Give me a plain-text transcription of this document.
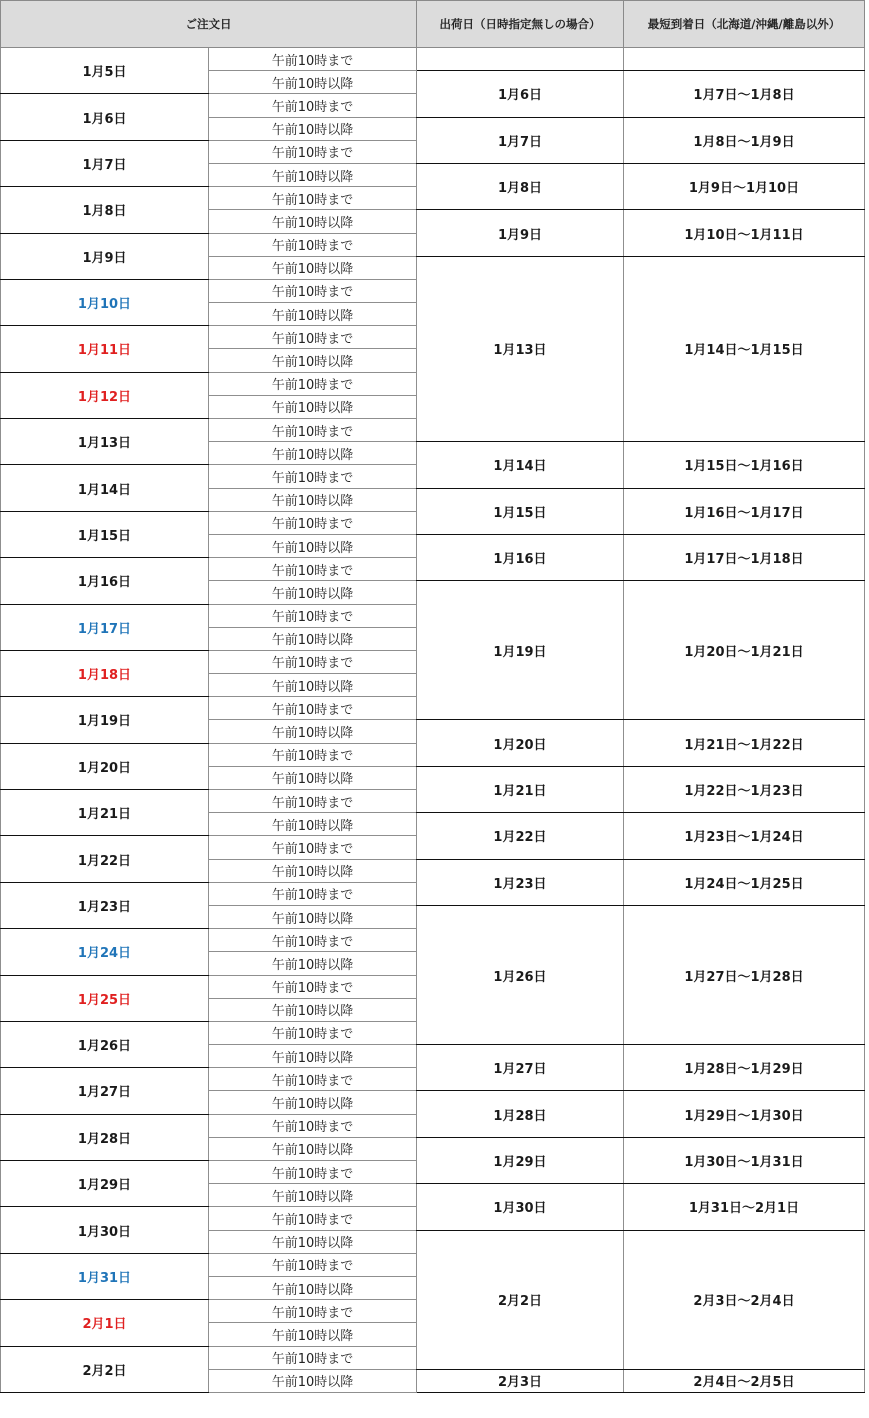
ご注文日		出荷日（日時指定無しの場合）	最短到着日（北海道/沖縄/離島以外）
1月5日	午前10時まで		
	午前10時以降	1月6日	1月7日～1月8日
1月6日	午前10時まで		
	午前10時以降	1月7日	1月8日～1月9日
1月7日	午前10時まで		
	午前10時以降	1月8日	1月9日～1月10日
1月8日	午前10時まで		
	午前10時以降	1月9日	1月10日～1月11日
1月9日	午前10時まで		
	午前10時以降	1月13日	1月14日～1月15日
1月10日	午前10時まで		
	午前10時以降		
1月11日	午前10時まで		
	午前10時以降		
1月12日	午前10時まで		
	午前10時以降		
1月13日	午前10時まで		
	午前10時以降	1月14日	1月15日～1月16日
1月14日	午前10時まで		
	午前10時以降	1月15日	1月16日～1月17日
1月15日	午前10時まで		
	午前10時以降	1月16日	1月17日～1月18日
1月16日	午前10時まで		
	午前10時以降	1月19日	1月20日～1月21日
1月17日	午前10時まで		
	午前10時以降		
1月18日	午前10時まで		
	午前10時以降		
1月19日	午前10時まで		
	午前10時以降	1月20日	1月21日～1月22日
1月20日	午前10時まで		
	午前10時以降	1月21日	1月22日～1月23日
1月21日	午前10時まで		
	午前10時以降	1月22日	1月23日～1月24日
1月22日	午前10時まで		
	午前10時以降	1月23日	1月24日～1月25日
1月23日	午前10時まで		
	午前10時以降	1月26日	1月27日～1月28日
1月24日	午前10時まで		
	午前10時以降		
1月25日	午前10時まで		
	午前10時以降		
1月26日	午前10時まで		
	午前10時以降	1月27日	1月28日～1月29日
1月27日	午前10時まで		
	午前10時以降	1月28日	1月29日～1月30日
1月28日	午前10時まで		
	午前10時以降	1月29日	1月30日～1月31日
1月29日	午前10時まで		
	午前10時以降	1月30日	1月31日～2月1日
1月30日	午前10時まで		
	午前10時以降	2月2日	2月3日～2月4日
1月31日	午前10時まで		
	午前10時以降		
2月1日	午前10時まで		
	午前10時以降		
2月2日	午前10時まで		
	午前10時以降	2月3日	2月4日～2月5日
